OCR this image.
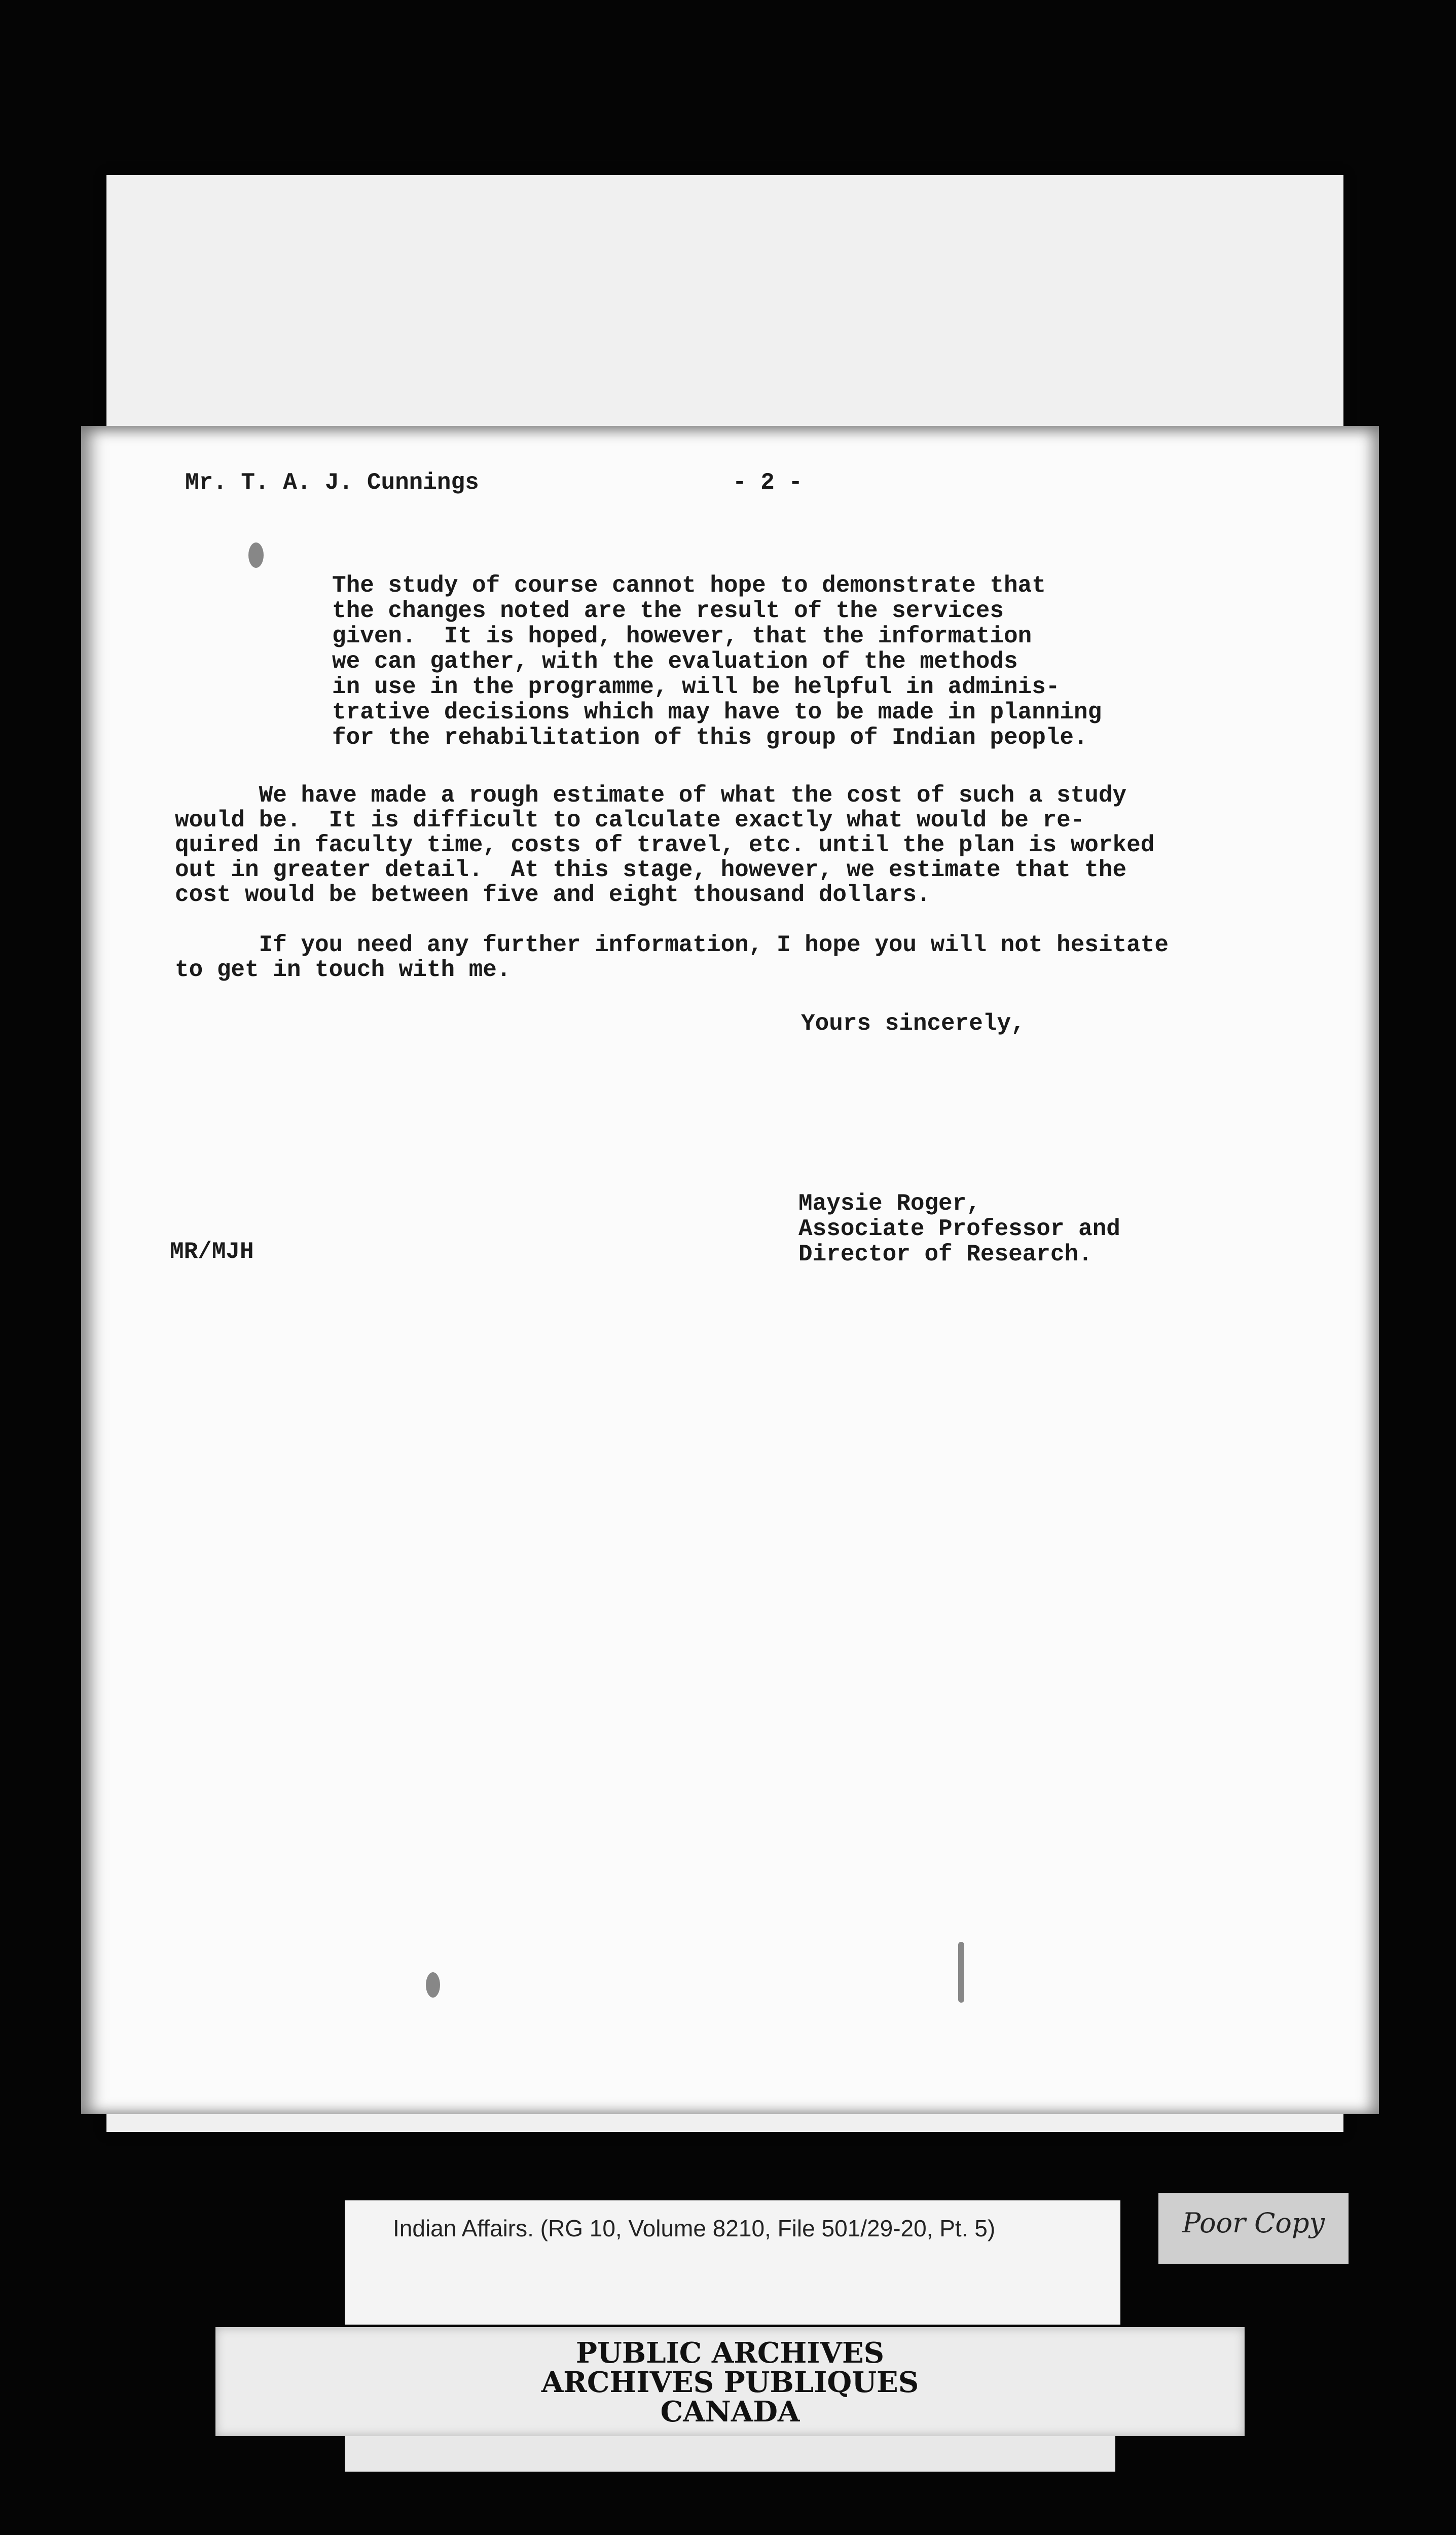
Mr. T. A. J. Cunnings	- 2 -
The study of course cannot hope to demonstrate that
the changes noted are the result of the services
given.  It is hoped, however, that the information
we can gather, with the evaluation of the methods
in use in the programme, will be helpful in adminis-
trative decisions which may have to be made in planning
for the rehabilitation of this group of Indian people.
We have made a rough estimate of what the cost of such a study
would be.  It is difficult to calculate exactly what would be re-
quired in faculty time, costs of travel, etc. until the plan is worked
out in greater detail.  At this stage, however, we estimate that the
cost would be between five and eight thousand dollars.
If you need any further information, I hope you will not hesitate
to get in touch with me.
Yours sincerely,
Maysie Roger,
Associate Professor and
Director of Research.
MR/MJH
Indian Affairs. (RG 10, Volume 8210, File 501/29-20, Pt. 5)	Poor Copy
PUBLIC ARCHIVES
ARCHIVES PUBLIQUES
CANADA
